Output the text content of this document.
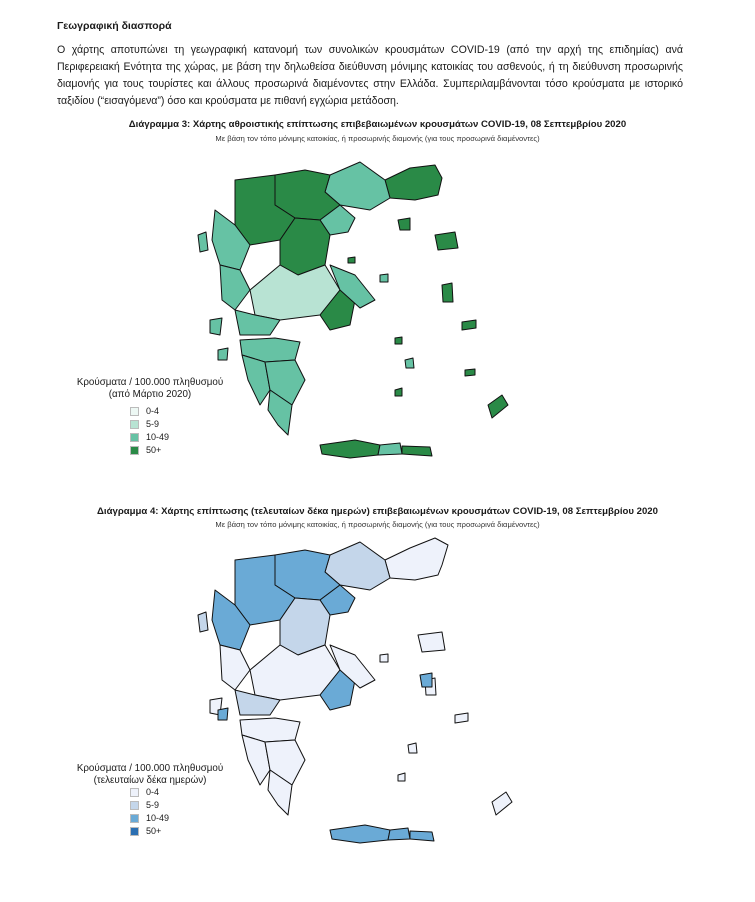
Γεωγραφική διασπορά
Ο χάρτης αποτυπώνει τη γεωγραφική κατανομή των συνολικών κρουσμάτων COVID-19 (από την αρχή της επιδημίας) ανά Περιφερειακή Ενότητα της χώρας, με βάση την δηλωθείσα διεύθυνση μόνιμης κατοικίας του ασθενούς, ή τη διεύθυνση προσωρινής διαμονής για τους τουρίστες και άλλους προσωρινά διαμένοντες στην Ελλάδα. Συμπεριλαμβάνονται τόσο κρούσματα με ιστορικό ταξιδίου (“εισαγόμενα”) όσο και κρούσματα με πιθανή εγχώρια μετάδοση.
Διάγραμμα 3: Χάρτης αθροιστικής επίπτωσης επιβεβαιωμένων κρουσμάτων COVID-19, 08 Σεπτεμβρίου 2020
Με βάση τον τόπο μόνιμης κατοικίας, ή προσωρινής διαμονής (για τους προσωρινά διαμένοντες)
Κρούσματα / 100.000 πληθυσμού
(από Μάρτιο 2020)
0-4
5-9
10-49
50+
Διάγραμμα 4: Χάρτης επίπτωσης (τελευταίων δέκα ημερών) επιβεβαιωμένων κρουσμάτων COVID-19, 08 Σεπτεμβρίου 2020
Με βάση τον τόπο μόνιμης κατοικίας, ή προσωρινής διαμονής (για τους προσωρινά διαμένοντες)
Κρούσματα / 100.000 πληθυσμού
(τελευταίων δέκα ημερών)
0-4
5-9
10-49
50+
